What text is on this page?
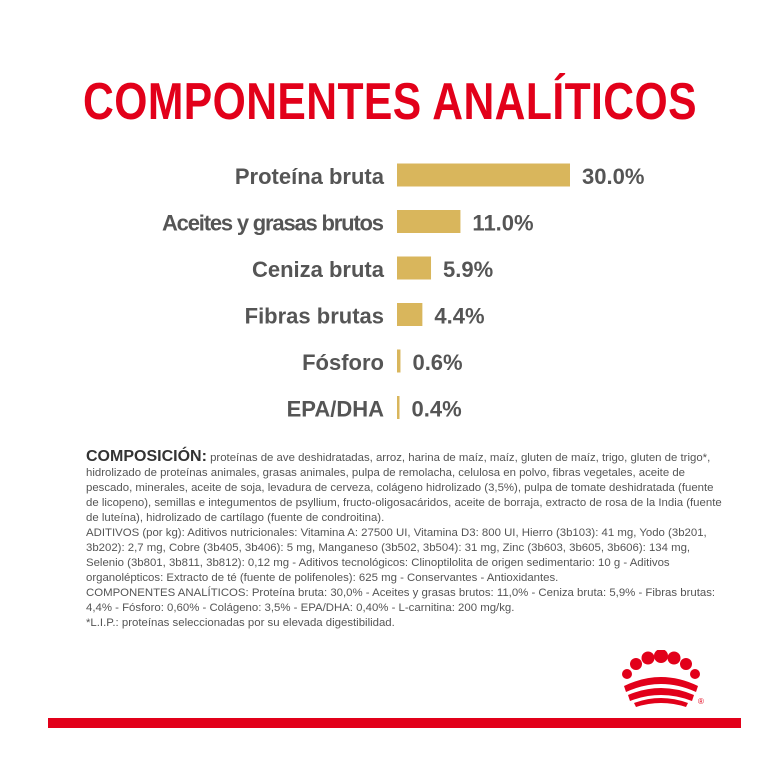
COMPONENTES ANALÍTICOS
Proteína bruta	30.0%
Aceites y grasas brutos	11.0%
Ceniza bruta	5.9%
Fibras brutas 4.4%
Fósforo 0.6%
EPA/DHA 0.4%

COMPOSICIÓN: proteínas de ave deshidratadas, arroz, harina de maíz, maíz, gluten de maíz, trigo, gluten de trigo*, hidrolizado de proteínas animales, grasas animales, pulpa de remolacha, celulosa en polvo, fibras vegetales, aceite de pescado, minerales, aceite de soja, levadura de cerveza, colágeno hidrolizado (3,5%), pulpa de tomate deshidratada (fuente de licopeno), semillas e integumentos de psyllium, fructo-oligosacáridos, aceite de borraja, extracto de rosa de la India (fuente de luteína), hidrolizado de cartílago (fuente de condroitina).

ADITIVOS (por kg): Aditivos nutricionales: Vitamina A: 27500 UI, Vitamina D3: 800 UI, Hierro (3b103): 41 mg, Yodo (3b201, 3b202): 2,7 mg, Cobre (3b405, 3b406): 5 mg, Manganeso (3b502, 3b504): 31 mg, Zinc (3b603, 3b605, 3b606): 134 mg, Selenio (3b801, 3b811, 3b812): 0,12 mg - Aditivos tecnológicos: Clinoptilolita de origen sedimentario: 10 g - Aditivos organolépticos: Extracto de té (fuente de polifenoles): 625 mg - Conservantes - Antioxidantes.

COMPONENTES ANALÍTICOS: Proteína bruta: 30,0% - Aceites y grasas brutos: 11,0% - Ceniza bruta: 5,9% - Fibras brutas: 4,4% - Fósforo: 0,60% - Colágeno: 3,5% - EPA/DHA: 0,40% - L-carnitina: 200 mg/kg.

*L.I.P.: proteínas seleccionadas por su elevada digestibilidad.

®
